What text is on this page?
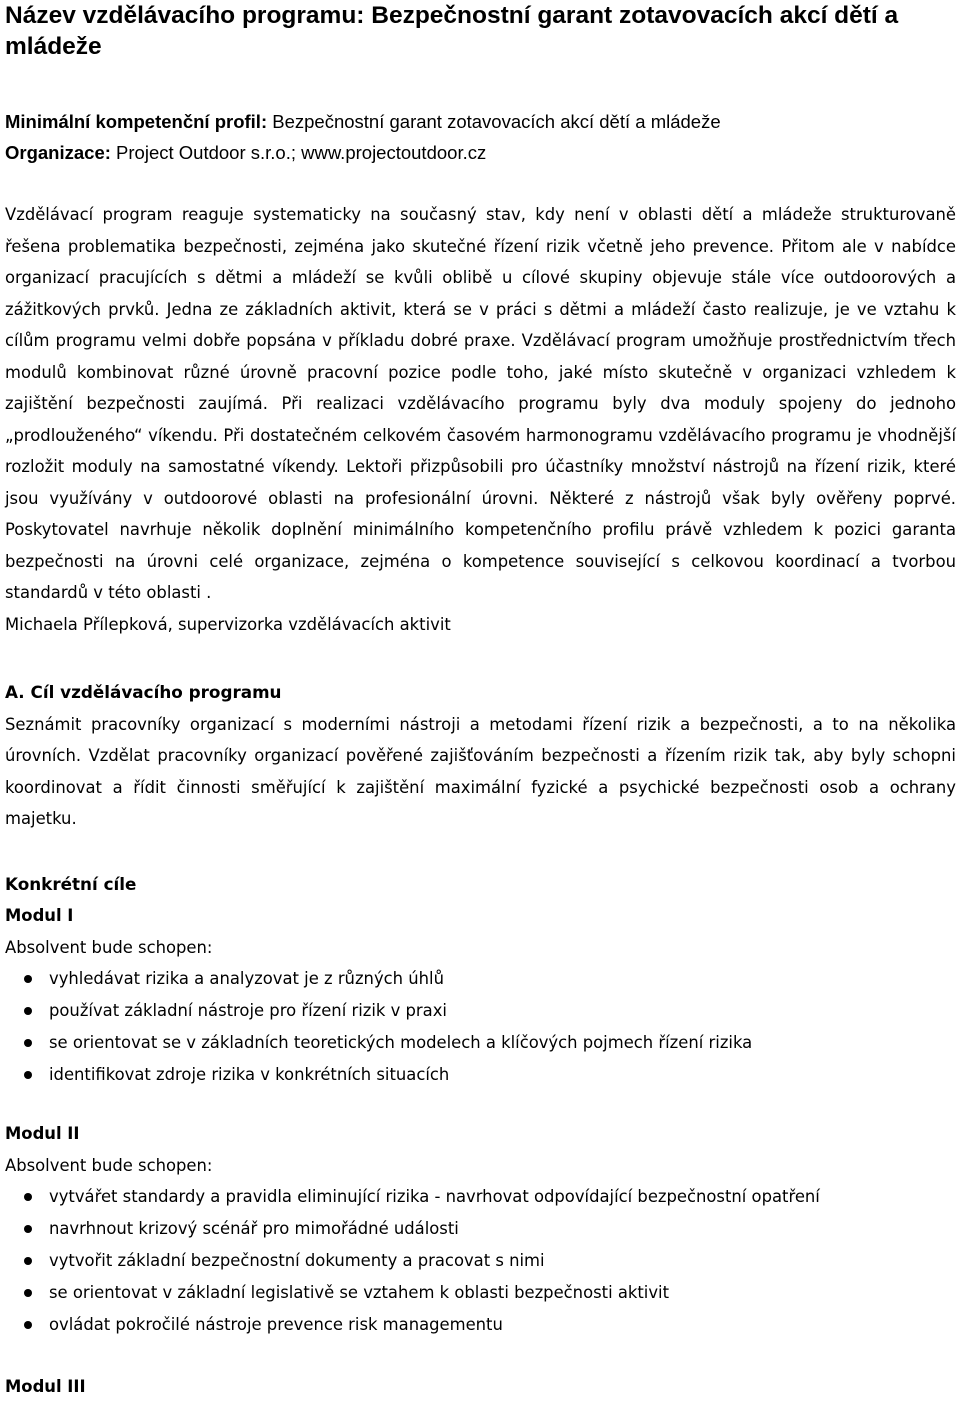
Název vzdělávacího programu: Bezpečnostní garant zotavovacích akcí dětí a mládeže

Minimální kompetenční profil: Bezpečnostní garant zotavovacích akcí dětí a mládeže

Organizace: Project Outdoor s.r.o.; www.projectoutdoor.cz

Vzdělávací program reaguje systematicky na současný stav, kdy není v oblasti dětí a mládeže strukturovaně řešena problematika bezpečnosti, zejména jako skutečné řízení rizik včetně jeho prevence. Přitom ale v nabídce organizací pracujících s dětmi a mládeží se kvůli oblibě u cílové skupiny objevuje stále více outdoorových a zážitkových prvků. Jedna ze základních aktivit, která se v práci s dětmi a mládeží často realizuje, je ve vztahu k cílům programu velmi dobře popsána v příkladu dobré praxe. Vzdělávací program umožňuje prostřednictvím třech modulů kombinovat různé úrovně pracovní pozice podle toho, jaké místo skutečně v organizaci vzhledem k zajištění bezpečnosti zaujímá. Při realizaci vzdělávacího programu byly dva moduly spojeny do jednoho „prodlouženého“ víkendu. Při dostatečném celkovém časovém harmonogramu vzdělávacího programu je vhodnější rozložit moduly na samostatné víkendy. Lektoři přizpůsobili pro účastníky množství nástrojů na řízení rizik, které jsou využívány v outdoorové oblasti na profesionální úrovni. Některé z nástrojů však byly ověřeny poprvé. Poskytovatel navrhuje několik doplnění minimálního kompetenčního profilu právě vzhledem k pozici garanta bezpečnosti na úrovni celé organizace, zejména o kompetence související s celkovou koordinací a tvorbou standardů v této oblasti .

Michaela Přílepková, supervizorka vzdělávacích aktivit

A. Cíl vzdělávacího programu

Seznámit pracovníky organizací s moderními nástroji a metodami řízení rizik a bezpečnosti, a to na několika úrovních. Vzdělat pracovníky organizací pověřené zajišťováním bezpečnosti a řízením rizik tak, aby byly schopni koordinovat a řídit činnosti směřující k zajištění maximální fyzické a psychické bezpečnosti osob a ochrany majetku.

Konkrétní cíle
Modul I

Absolvent bude schopen:

vyhledávat rizika a analyzovat je z různých úhlů
používat základní nástroje pro řízení rizik v praxi
se orientovat se v základních teoretických modelech a klíčových pojmech řízení rizika
identifikovat zdroje rizika v konkrétních situacích
Modul II

Absolvent bude schopen:

vytvářet standardy a pravidla eliminující rizika - navrhovat odpovídající bezpečnostní opatření
navrhnout krizový scénář pro mimořádné události
vytvořit základní bezpečnostní dokumenty a pracovat s nimi
se orientovat v základní legislativě se vztahem k oblasti bezpečnosti aktivit
ovládat pokročilé nástroje prevence risk managementu
Modul III
